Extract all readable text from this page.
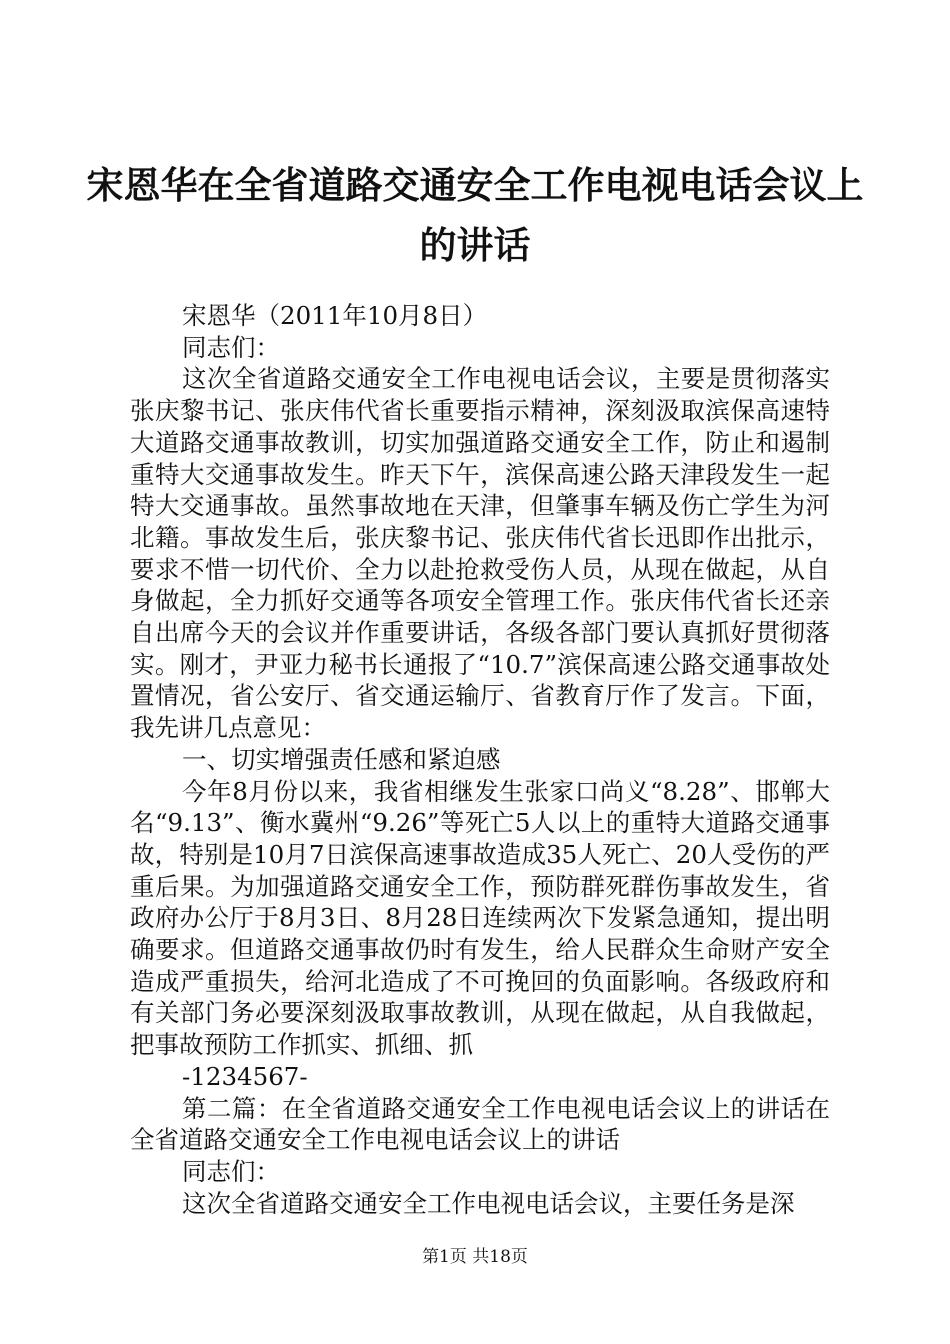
宋恩华在全省道路交通安全工作电视电话会议上的讲话

宋恩华（2011年10月8日）

同志们：

这次全省道路交通安全工作电视电话会议，主要是贯彻落实张庆黎书记、张庆伟代省长重要指示精神，深刻汲取滨保高速特大道路交通事故教训，切实加强道路交通安全工作，防止和遏制重特大交通事故发生。昨天下午，滨保高速公路天津段发生一起特大交通事故。虽然事故地在天津，但肇事车辆及伤亡学生为河北籍。事故发生后，张庆黎书记、张庆伟代省长迅即作出批示，要求不惜一切代价、全力以赴抢救受伤人员，从现在做起，从自身做起，全力抓好交通等各项安全管理工作。张庆伟代省长还亲自出席今天的会议并作重要讲话，各级各部门要认真抓好贯彻落实。刚才，尹亚力秘书长通报了“10.7”滨保高速公路交通事故处置情况，省公安厅、省交通运输厅、省教育厅作了发言。下面，我先讲几点意见：

一、切实增强责任感和紧迫感

今年8月份以来，我省相继发生张家口尚义“8.28”、邯郸大名“9.13”、衡水冀州“9.26”等死亡5人以上的重特大道路交通事故，特别是10月7日滨保高速事故造成35人死亡、20人受伤的严重后果。为加强道路交通安全工作，预防群死群伤事故发生，省政府办公厅于8月3日、8月28日连续两次下发紧急通知，提出明确要求。但道路交通事故仍时有发生，给人民群众生命财产安全造成严重损失，给河北造成了不可挽回的负面影响。各级政府和有关部门务必要深刻汲取事故教训，从现在做起，从自我做起，把事故预防工作抓实、抓细、抓

-1234567-

第二篇：在全省道路交通安全工作电视电话会议上的讲话在全省道路交通安全工作电视电话会议上的讲话

同志们：

这次全省道路交通安全工作电视电话会议，主要任务是深

第1页 共18页
